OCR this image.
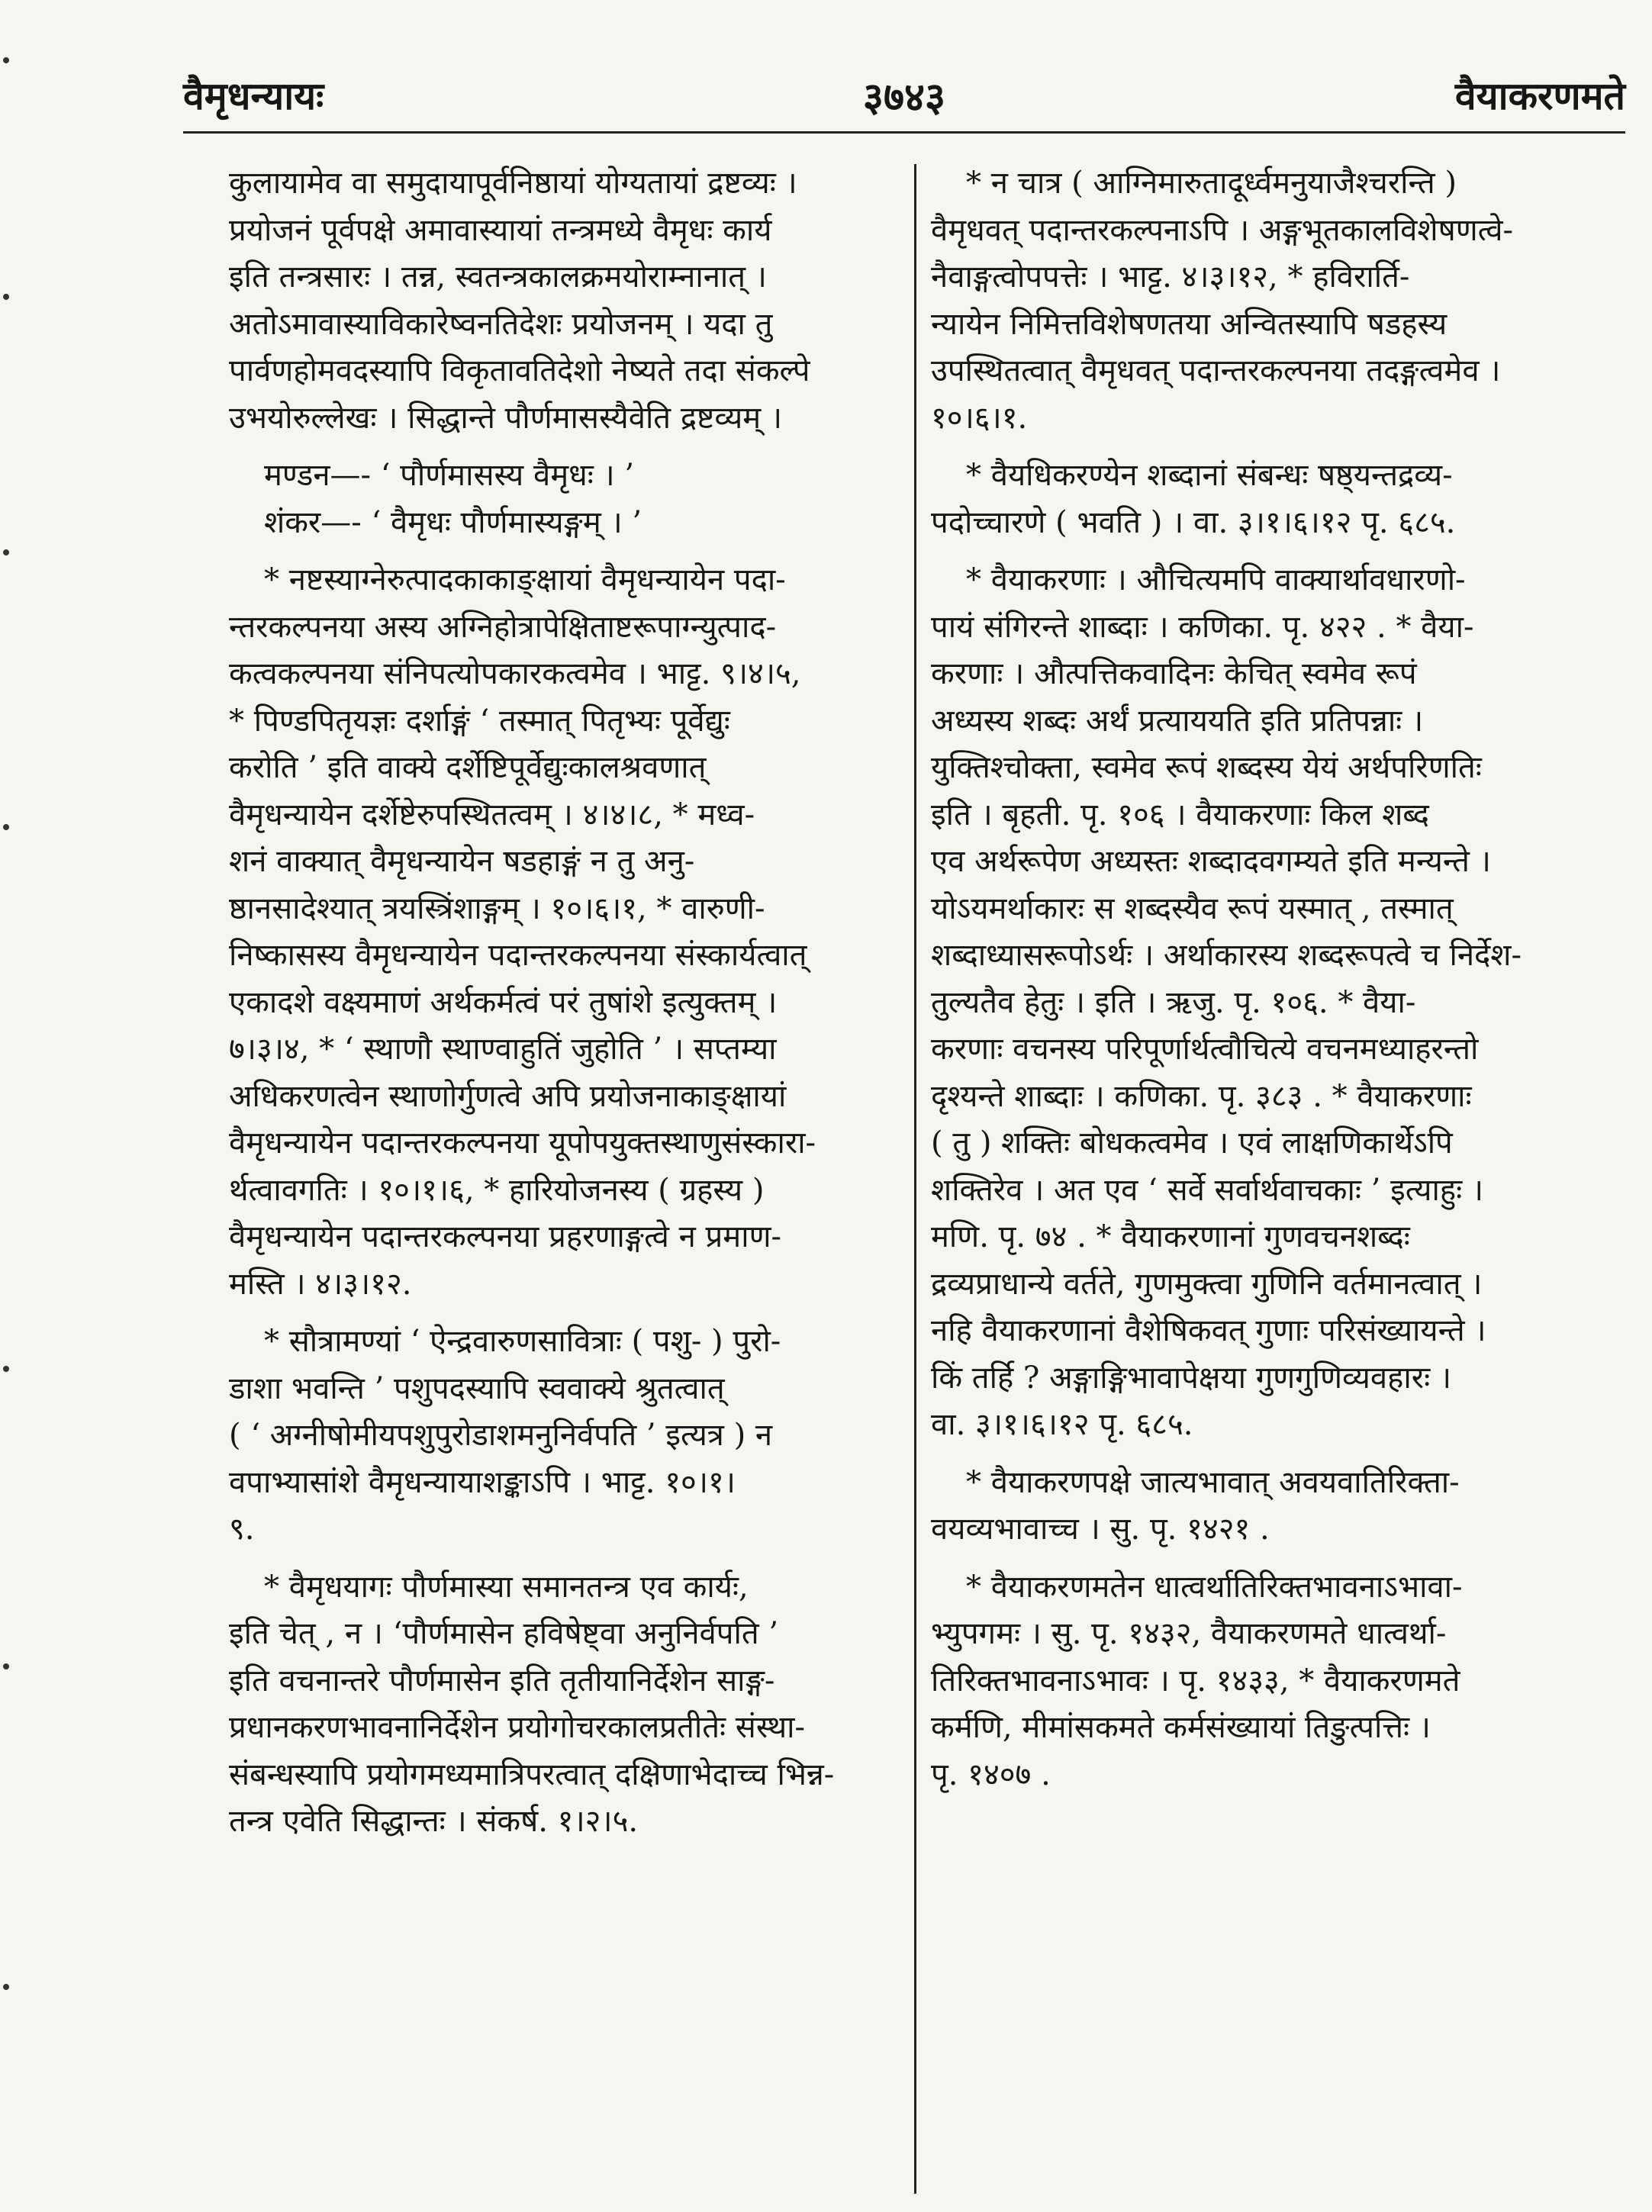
वैमृधन्यायः	३७४३	वैयाकरणमते
कुलायामेव वा समुदायापूर्वनिष्ठायां योग्यतायां द्रष्टव्यः ।
प्रयोजनं पूर्वपक्षे अमावास्यायां तन्त्रमध्ये वैमृधः कार्य
इति तन्त्रसारः । तन्न, स्वतन्त्रकालक्रमयोराम्नानात् ।
अतोऽमावास्याविकारेष्वनतिदेशः प्रयोजनम् । यदा तु
पार्वणहोमवदस्यापि विकृतावतिदेशो नेष्यते तदा संकल्पे
उभयोरुल्लेखः । सिद्धान्ते पौर्णमासस्यैवेति द्रष्टव्यम् ।
मण्डन—- ‘ पौर्णमासस्य वैमृधः । ’
शंकर—- ‘ वैमृधः पौर्णमास्यङ्गम् । ’
* नष्टस्याग्नेरुत्पादकाकाङ्क्षायां वैमृधन्यायेन पदा-
न्तरकल्पनया अस्य अग्निहोत्रापेक्षिताष्टरूपाग्न्युत्पाद-
कत्वकल्पनया संनिपत्योपकारकत्वमेव । भाट्ट. ९।४।५,
* पिण्डपितृयज्ञः दर्शाङ्गं ‘ तस्मात् पितृभ्यः पूर्वेद्युः
करोति ’ इति वाक्ये दर्शेष्टिपूर्वेद्युःकालश्रवणात्
वैमृधन्यायेन दर्शेष्टेरुपस्थितत्वम् । ४।४।८, * मध्व-
शनं वाक्यात् वैमृधन्यायेन षडहाङ्गं न तु अनु-
ष्ठानसादेश्यात् त्रयस्त्रिंशाङ्गम् । १०।६।१, * वारुणी-
निष्कासस्य वैमृधन्यायेन पदान्तरकल्पनया संस्कार्यत्वात्
एकादशे वक्ष्यमाणं अर्थकर्मत्वं परं तुषांशे इत्युक्तम् ।
७।३।४, * ‘ स्थाणौ स्थाण्वाहुतिं जुहोति ’ । सप्तम्या
अधिकरणत्वेन स्थाणोर्गुणत्वे अपि प्रयोजनाकाङ्क्षायां
वैमृधन्यायेन पदान्तरकल्पनया यूपोपयुक्तस्थाणुसंस्कारा-
र्थत्वावगतिः । १०।१।६, * हारियोजनस्य ( ग्रहस्य )
वैमृधन्यायेन पदान्तरकल्पनया प्रहरणाङ्गत्वे न प्रमाण-
मस्ति । ४।३।१२.
* सौत्रामण्यां ‘ ऐन्द्रवारुणसावित्राः ( पशु- ) पुरो-
डाशा भवन्ति ’ पशुपदस्यापि स्ववाक्ये श्रुतत्वात्
( ‘ अग्नीषोमीयपशुपुरोडाशमनुनिर्वपति ’ इत्यत्र ) न
वपाभ्यासांशे वैमृधन्यायाशङ्काऽपि । भाट्ट. १०।१।
९.
* वैमृधयागः पौर्णमास्या समानतन्त्र एव कार्यः,
इति चेत् , न । ‘पौर्णमासेन हविषेष्ट्वा अनुनिर्वपति ’
इति वचनान्तरे पौर्णमासेन इति तृतीयानिर्देशेन साङ्ग-
प्रधानकरणभावनानिर्देशेन प्रयोगोचरकालप्रतीतेः संस्था-
संबन्धस्यापि प्रयोगमध्यमात्रिपरत्वात् दक्षिणाभेदाच्च भिन्न-
तन्त्र एवेति सिद्धान्तः । संकर्ष. १।२।५.
* न चात्र ( आग्निमारुतादूर्ध्वमनुयाजैश्चरन्ति )
वैमृधवत् पदान्तरकल्पनाऽपि । अङ्गभूतकालविशेषणत्वे-
नैवाङ्गत्वोपपत्तेः । भाट्ट. ४।३।१२, * हविरार्ति-
न्यायेन निमित्तविशेषणतया अन्वितस्यापि षडहस्य
उपस्थितत्वात् वैमृधवत् पदान्तरकल्पनया तदङ्गत्वमेव ।
१०।६।१.
* वैयधिकरण्येन शब्दानां संबन्धः षष्ठ्यन्तद्रव्य-
पदोच्चारणे ( भवति ) । वा. ३।१।६।१२ पृ. ६८५.
* वैयाकरणाः । औचित्यमपि वाक्यार्थावधारणो-
पायं संगिरन्ते शाब्दाः । कणिका. पृ. ४२२ . * वैया-
करणाः । औत्पत्तिकवादिनः केचित् स्वमेव रूपं
अध्यस्य शब्दः अर्थं प्रत्याययति इति प्रतिपन्नाः ।
युक्तिश्चोक्ता, स्वमेव रूपं शब्दस्य येयं अर्थपरिणतिः
इति । बृहती. पृ. १०६ । वैयाकरणाः किल शब्द
एव अर्थरूपेण अध्यस्तः शब्दादवगम्यते इति मन्यन्ते ।
योऽयमर्थाकारः स शब्दस्यैव रूपं यस्मात् , तस्मात्
शब्दाध्यासरूपोऽर्थः । अर्थाकारस्य शब्दरूपत्वे च निर्देश-
तुल्यतैव हेतुः । इति । ऋजु. पृ. १०६. * वैया-
करणाः वचनस्य परिपूर्णार्थत्वौचित्ये वचनमध्याहरन्तो
दृश्यन्ते शाब्दाः । कणिका. पृ. ३८३ . * वैयाकरणाः
( तु ) शक्तिः बोधकत्वमेव । एवं लाक्षणिकार्थेऽपि
शक्तिरेव । अत एव ‘ सर्वे सर्वार्थवाचकाः ’ इत्याहुः ।
मणि. पृ. ७४ . * वैयाकरणानां गुणवचनशब्दः
द्रव्यप्राधान्ये वर्तते, गुणमुक्त्वा गुणिनि वर्तमानत्वात् ।
नहि वैयाकरणानां वैशेषिकवत् गुणाः परिसंख्यायन्ते ।
किं तर्हि ? अङ्गाङ्गिभावापेक्षया गुणगुणिव्यवहारः ।
वा. ३।१।६।१२ पृ. ६८५.
* वैयाकरणपक्षे जात्यभावात् अवयवातिरिक्ता-
वयव्यभावाच्च । सु. पृ. १४२१ .
* वैयाकरणमतेन धात्वर्थातिरिक्तभावनाऽभावा-
भ्युपगमः । सु. पृ. १४३२, वैयाकरणमते धात्वर्था-
तिरिक्तभावनाऽभावः । पृ. १४३३, * वैयाकरणमते
कर्मणि, मीमांसकमते कर्मसंख्यायां तिङुत्पत्तिः ।
पृ. १४०७ .
